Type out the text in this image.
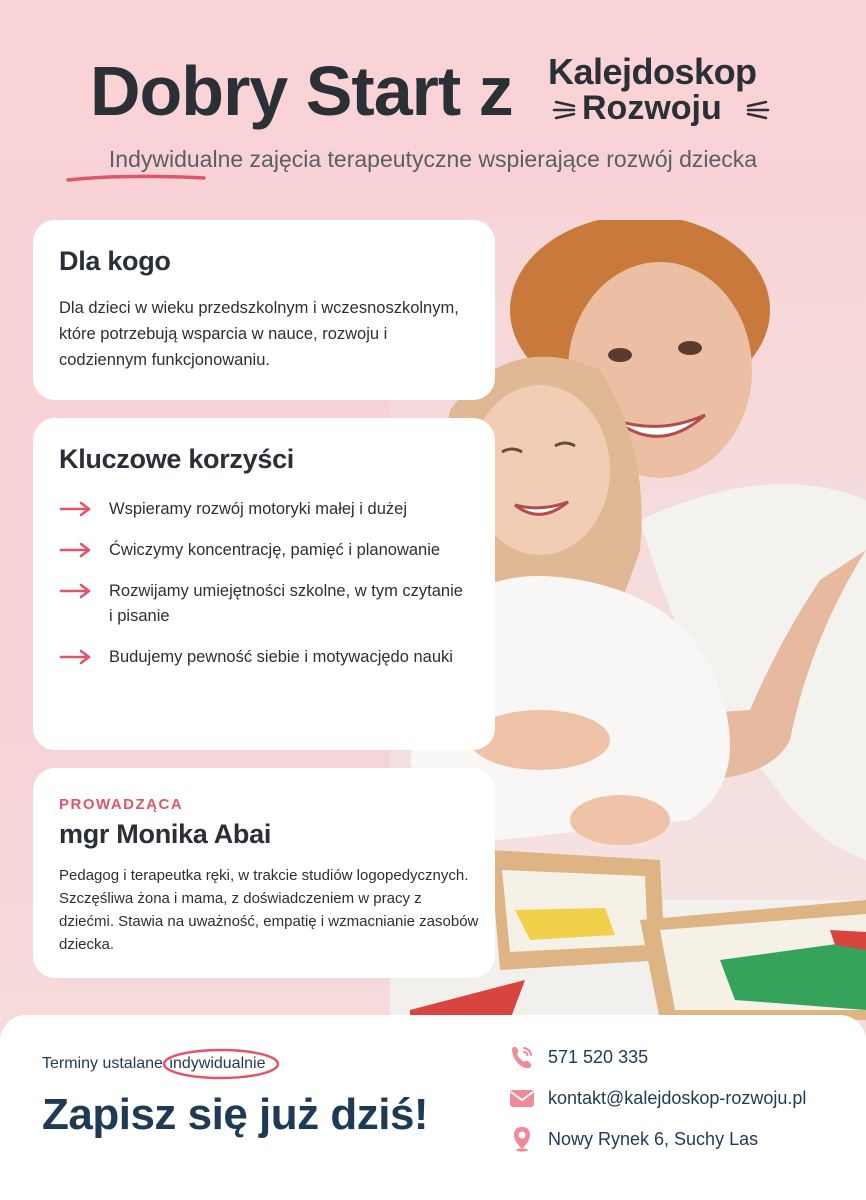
Dobry Start z Kalejdoskop
Rozwoju
Indywidualne zajęcia terapeutyczne wspierające rozwój dziecka
Dla kogo

Dla dzieci w wieku przedszkolnym i wczesnoszkolnym, które potrzebują wsparcia w nauce, rozwoju i codziennym funkcjonowaniu.

Kluczowe korzyści
Wspieramy rozwój motoryki małej i dużej
Ćwiczymy koncentrację, pamięć i planowanie
Rozwijamy umiejętności szkolne, w tym czytanie i pisanie
Budujemy pewność siebie i motywacjędo nauki
PROWADZĄCA
mgr Monika Abai

Pedagog i terapeutka ręki, w trakcie studiów logopedycznych. Szczęśliwa żona i mama, z doświadczeniem w pracy z dziećmi. Stawia na uważność, empatię i wzmacnianie zasobów dziecka.

Terminy ustalane indywidualnie
Zapisz się już dziś!
571 520 335
kontakt@kalejdoskop-rozwoju.pl
Nowy Rynek 6, Suchy Las
